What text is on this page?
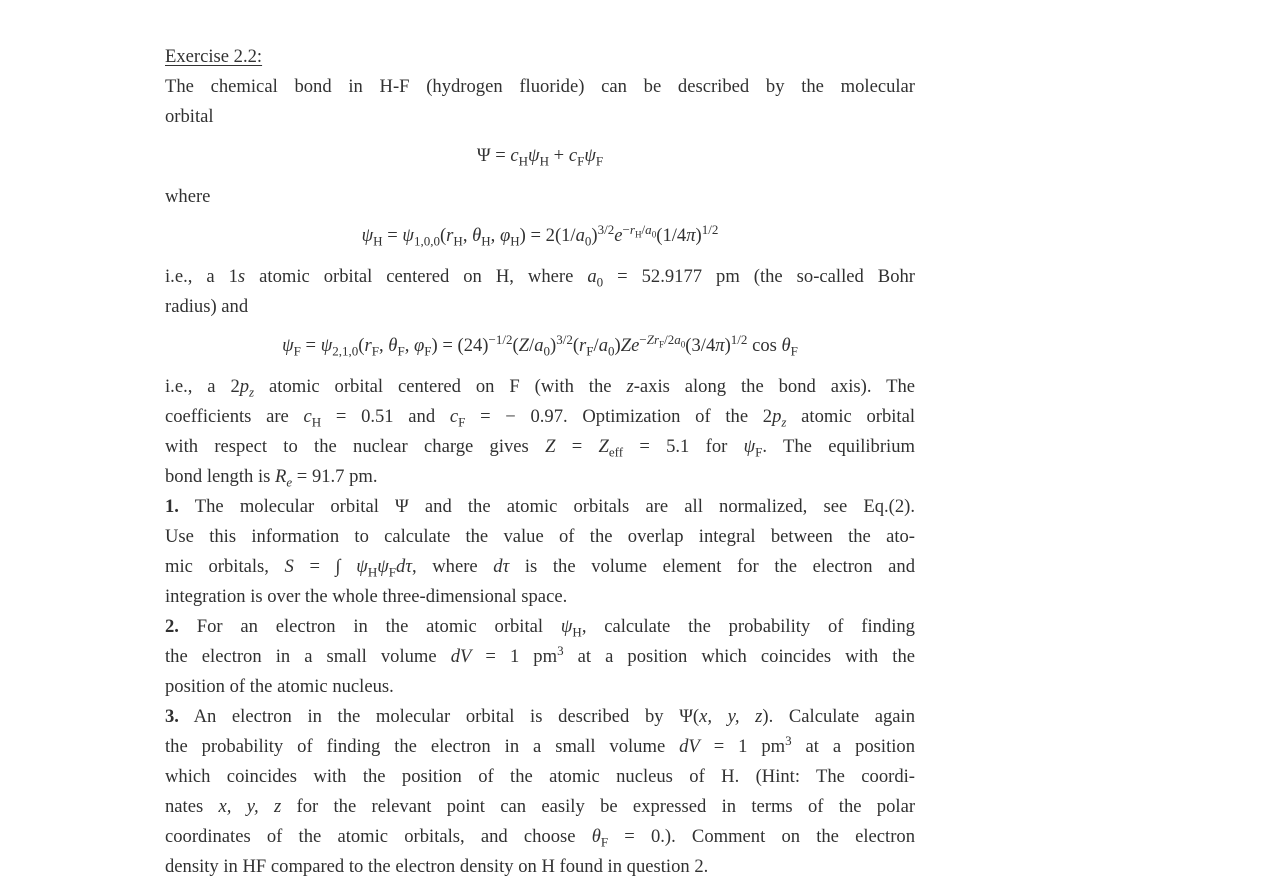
Exercise 2.2:
The chemical bond in H-F (hydrogen fluoride) can be described by the molecular
orbital
$\Psi = c_H\psi_H + c_F\psi_F$
where
$\psi_H = \psi_{1,0,0}(r_H$, $\theta_H$, $\varphi_H) = 2(1/a_0)^{3/2}e^{-r_H/a_0}(1/4\pi)^{1/2}$
i.e., a 1s atomic orbital centered on H, where $a_0 = 52.9177$ pm (the so-called Bohr
radius) and
$\psi_F = \psi_{2,1,0}(r_F$, $\theta_F$, $\varphi_F) = (24)^{-1/2}(Z/a_0)^{3/2}(r_F/a_0)Ze^{-Zr_F/2a_0}(3/4\pi)^{1/2}$ $\cos \theta_F$
i.e., a $2p_z$ atomic orbital centered on F (with the z-axis along the bond axis). The
coefficients are $c_H = 0.51$ and $c_F$ = − 0.97. Optimization of the $2p_z$ atomic orbital
with respect to the nuclear charge gives $Z = Z_{eff} = 5.1$ for $\psi_F$. The equilibrium
bond length is $R_e = 91.7$ pm.
1. The molecular orbital Ψ and the atomic orbitals are all normalized, see Eq.(2).
Use this information to calculate the value of the overlap integral between the ato-
mic orbitals, S = ∫ $\psi_H\psi_Fd\tau$, where dτ is the volume element for the electron and
integration is over the whole three-dimensional space.
2. For an electron in the atomic orbital $\psi_H$, calculate the probability of finding
the electron in a small volume dV = 1 $pm^3$ at a position which coincides with the
position of the atomic nucleus.
3. An electron in the molecular orbital is described by Ψ(x, y, z). Calculate again
the probability of finding the electron in a small volume dV = 1 $pm^3$ at a position
which coincides with the position of the atomic nucleus of H. (Hint: The coordi-
nates x, y, z for the relevant point can easily be expressed in terms of the polar
coordinates of the atomic orbitals, and choose $\theta_F = 0$.). Comment on the electron
density in HF compared to the electron density on H found in question 2.
